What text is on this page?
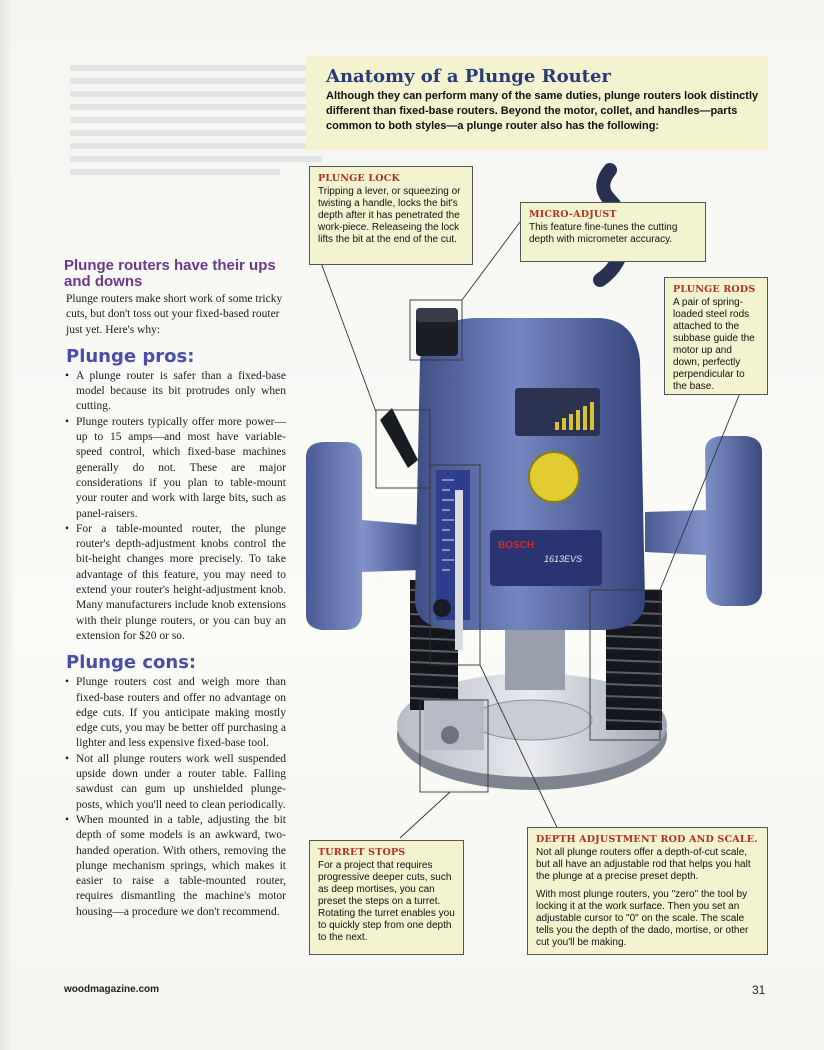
Anatomy of a Plunge Router

Although they can perform many of the same duties, plunge routers look distinctly different than fixed-base routers. Beyond the motor, collet, and handles—parts common to both styles—a plunge router also has the following:

Plunge routers have their ups and downs

Plunge routers make short work of some tricky cuts, but don't toss out your fixed-based router just yet. Here's why:

Plunge pros:
• A plunge router is safer than a fixed-base model because its bit protrudes only when cutting.
• Plunge routers typically offer more power—up to 15 amps—and most have variable-speed control, which fixed-base machines generally do not. These are major considerations if you plan to table-mount your router and work with large bits, such as panel-raisers.
• For a table-mounted router, the plunge router's depth-adjustment knobs control the bit-height changes more precisely. To take advantage of this feature, you may need to extend your router's height-adjustment knob. Many manufacturers include knob extensions with their plunge routers, or you can buy an extension for $20 or so.
Plunge cons:
• Plunge routers cost and weigh more than fixed-base routers and offer no advantage on edge cuts. If you anticipate making mostly edge cuts, you may be better off purchasing a lighter and less expensive fixed-base tool.
• Not all plunge routers work well suspended upside down under a router table. Falling sawdust can gum up unshielded plunge-posts, which you'll need to clean periodically.
• When mounted in a table, adjusting the bit depth of some models is an awkward, two-handed operation. With others, removing the plunge mechanism springs, which makes it easier to raise a table-mounted router, requires dismantling the machine's motor housing—a procedure we don't recommend.
BOSCH
1613EVS
PLUNGE LOCK

Tripping a lever, or squeezing or twisting a handle, locks the bit's depth after it has penetrated the work-piece. Releaseing the lock lifts the bit at the end of the cut.

MICRO-ADJUST

This feature fine-tunes the cutting depth with micrometer accuracy.

PLUNGE RODS

A pair of spring-loaded steel rods attached to the subbase guide the motor up and down, perfectly perpendicular to the base.

TURRET STOPS

For a project that requires progressive deeper cuts, such as deep mortises, you can preset the steps on a turret. Rotating the turret enables you to quickly step from one depth to the next.

DEPTH ADJUSTMENT ROD AND SCALE.

Not all plunge routers offer a depth-of-cut scale, but all have an adjustable rod that helps you halt the plunge at a precise preset depth.

With most plunge routers, you "zero" the tool by locking it at the work surface. Then you set an adjustable cursor to "0" on the scale. The scale tells you the depth of the dado, mortise, or other cut you'll be making.

woodmagazine.com	31
